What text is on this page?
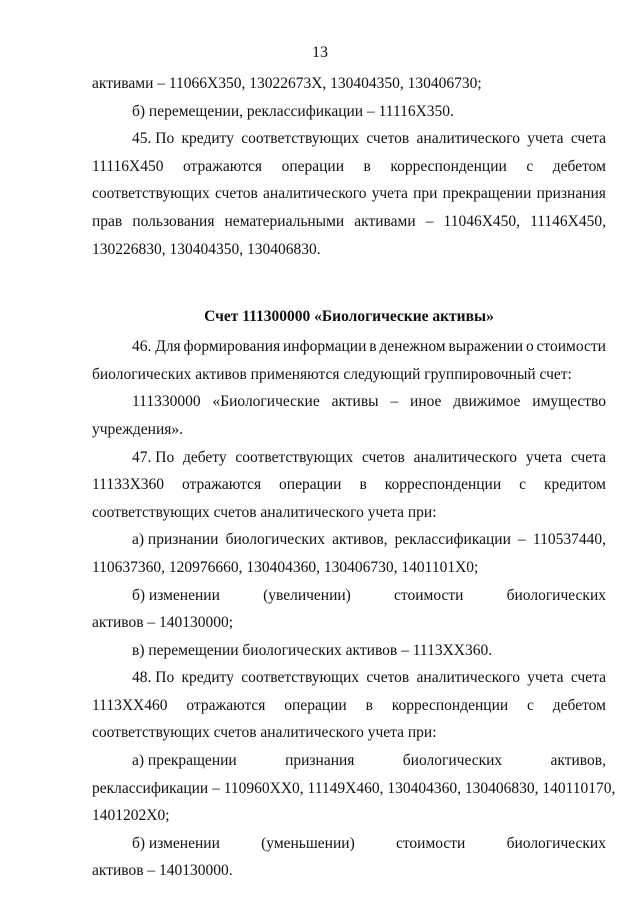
13

активами – 11066Х350, 13022673Х, 130404350, 130406730;

б) перемещении, реклассификации – 11116Х350.

45. По кредиту соответствующих счетов аналитического учета счета

11116Х450 отражаются операции в корреспонденции с дебетом

соответствующих счетов аналитического учета при прекращении признания

прав пользования нематериальными активами – 11046Х450, 11146Х450,

130226830, 130404350, 130406830.

Счет 111300000 «Биологические активы»

46. Для формирования информации в денежном выражении о стоимости

биологических активов применяются следующий группировочный счет:

111330000 «Биологические активы – иное движимое имущество

учреждения».

47. По дебету соответствующих счетов аналитического учета счета

11133Х360 отражаются операции в корреспонденции с кредитом

соответствующих счетов аналитического учета при:

а) признании биологических активов, реклассификации – 110537440,

110637360, 120976660, 130404360, 130406730, 1401101Х0;

б) изменении	(увеличении)	стоимости	биологических

активов – 140130000;

в) перемещении биологических активов – 1113ХХ360.

48. По кредиту соответствующих счетов аналитического учета счета

1113ХХ460 отражаются операции в корреспонденции с дебетом

соответствующих счетов аналитического учета при:

а) прекращении	признания	биологических	активов,

реклассификации – 110960ХХ0, 11149Х460, 130404360, 130406830, 140110170,

1401202Х0;

б) изменении	(уменьшении)	стоимости	биологических

активов – 140130000.
